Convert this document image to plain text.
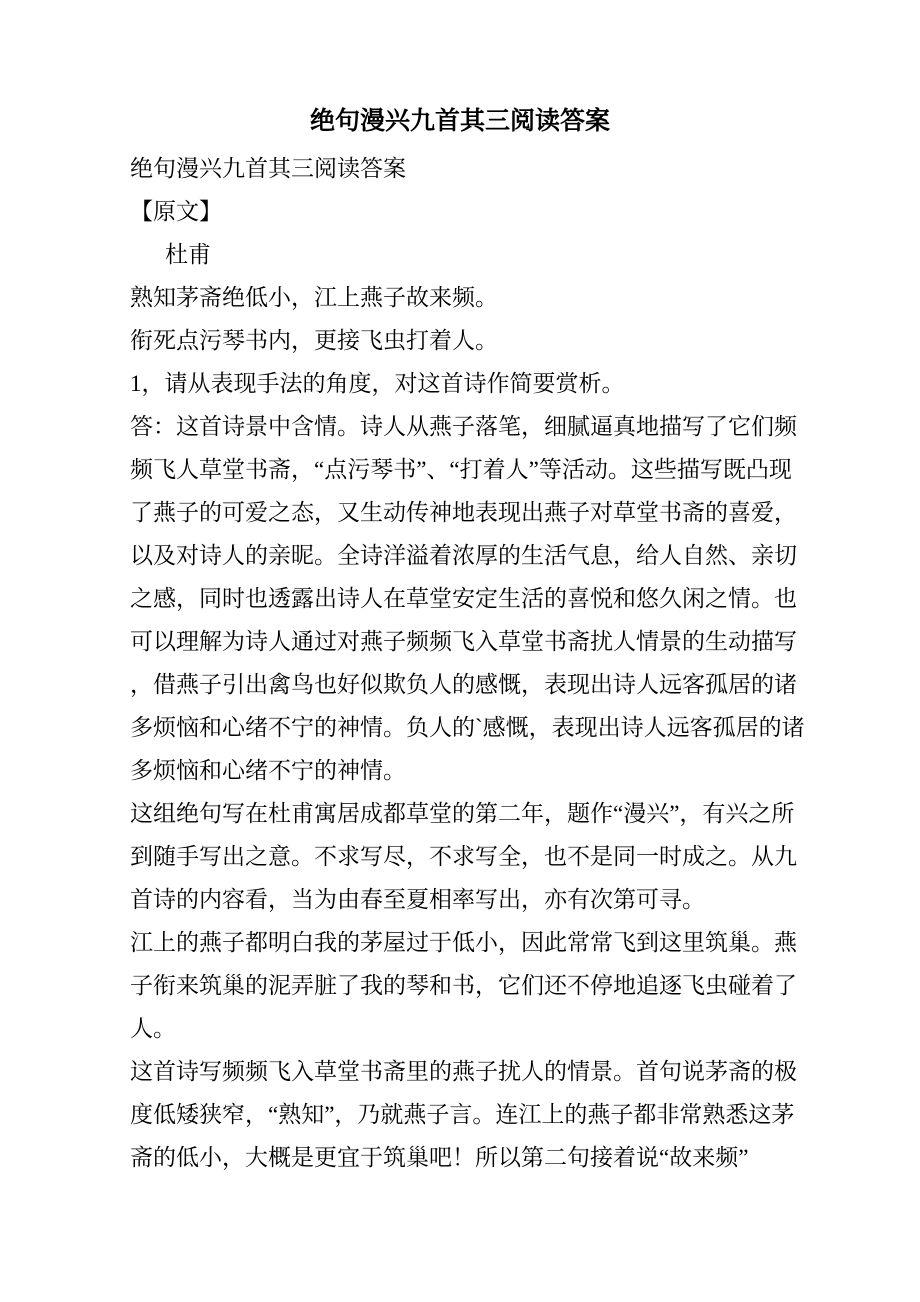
绝句漫兴九首其三阅读答案

绝句漫兴九首其三阅读答案

【原文】

杜甫

熟知茅斋绝低小，江上燕子故来频。

衔死点污琴书内，更接飞虫打着人。

1，请从表现手法的角度，对这首诗作简要赏析。

答：这首诗景中含情。诗人从燕子落笔，细腻逼真地描写了它们频频飞人草堂书斋，“点污琴书”、“打着人”等活动。这些描写既凸现了燕子的可爱之态，又生动传神地表现出燕子对草堂书斋的喜爱，以及对诗人的亲昵。全诗洋溢着浓厚的生活气息，给人自然、亲切之感，同时也透露出诗人在草堂安定生活的喜悦和悠久闲之情。也可以理解为诗人通过对燕子频频飞入草堂书斋扰人情景的生动描写，借燕子引出禽鸟也好似欺负人的感慨，表现出诗人远客孤居的诸多烦恼和心绪不宁的神情。负人的`感慨，表现出诗人远客孤居的诸多烦恼和心绪不宁的神情。

这组绝句写在杜甫寓居成都草堂的第二年，题作“漫兴”，有兴之所到随手写出之意。不求写尽，不求写全，也不是同一时成之。从九首诗的内容看，当为由春至夏相率写出，亦有次第可寻。

江上的燕子都明白我的茅屋过于低小，因此常常飞到这里筑巢。燕子衔来筑巢的泥弄脏了我的琴和书，它们还不停地追逐飞虫碰着了人。

这首诗写频频飞入草堂书斋里的燕子扰人的情景。首句说茅斋的极度低矮狭窄，“熟知”，乃就燕子言。连江上的燕子都非常熟悉这茅斋的低小，大概是更宜于筑巢吧！所以第二句接着说“故来频”
